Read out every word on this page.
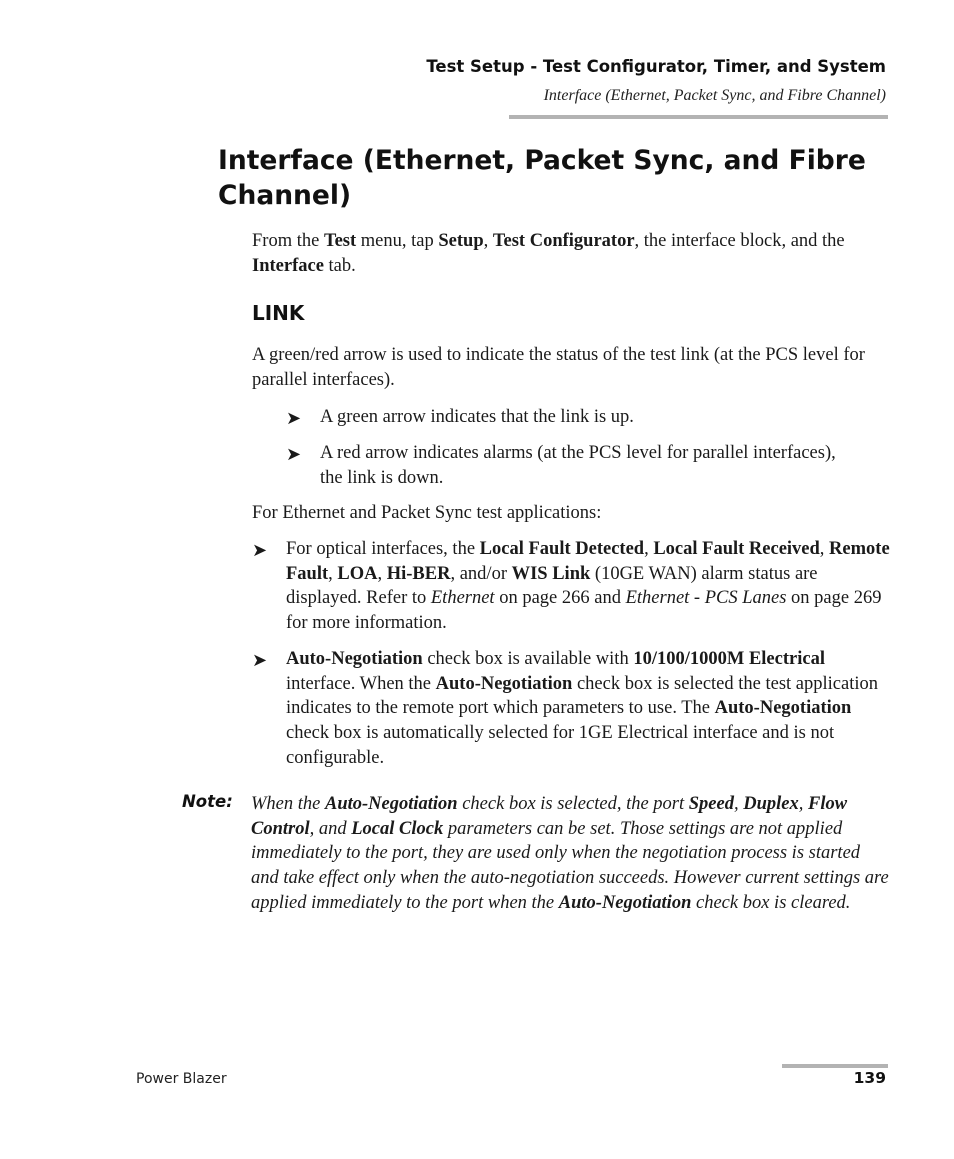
Test Setup - Test Configurator, Timer, and System
Interface (Ethernet, Packet Sync, and Fibre Channel)
Interface (Ethernet, Packet Sync, and Fibre Channel)
From the Test menu, tap Setup, Test Configurator, the interface block, and the Interface tab.
LINK
A green/red arrow is used to indicate the status of the test link (at the PCS level for parallel interfaces).
➤ A green arrow indicates that the link is up.
➤ A red arrow indicates alarms (at the PCS level for parallel interfaces), the link is down.
For Ethernet and Packet Sync test applications:
➤ For optical interfaces, the Local Fault Detected, Local Fault Received, Remote Fault, LOA, Hi-BER, and/or WIS Link (10GE WAN) alarm status are displayed. Refer to Ethernet on page 266 and Ethernet - PCS Lanes on page 269 for more information.
➤ Auto-Negotiation check box is available with 10/100/1000M Electrical interface. When the Auto-Negotiation check box is selected the test application indicates to the remote port which parameters to use. The Auto-Negotiation check box is automatically selected for 1GE Electrical interface and is not configurable.
Note: When the Auto-Negotiation check box is selected, the port Speed, Duplex, Flow Control, and Local Clock parameters can be set. Those settings are not applied immediately to the port, they are used only when the negotiation process is started and take effect only when the auto-negotiation succeeds. However current settings are applied immediately to the port when the Auto-Negotiation check box is cleared.
Power Blazer	139
